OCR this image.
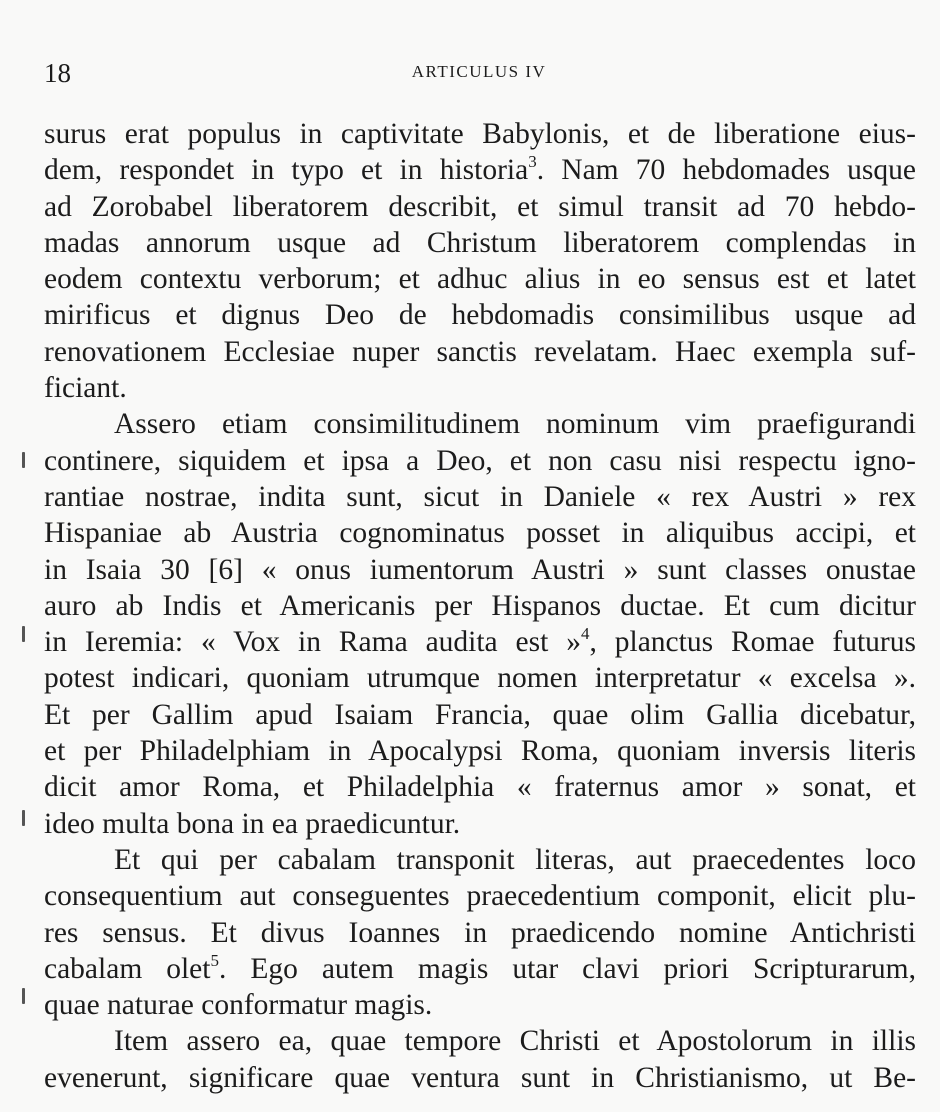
18	ARTICULUS IV
surus erat populus in captivitate Babylonis, et de liberatione eius-
dem, respondet in typo et in historia$^3$. Nam 70 hebdomades usque
ad Zorobabel liberatorem describit, et simul transit ad 70 hebdo-
madas annorum usque ad Christum liberatorem complendas in
eodem contextu verborum; et adhuc alius in eo sensus est et latet
mirificus et dignus Deo de hebdomadis consimilibus usque ad
renovationem Ecclesiae nuper sanctis revelatam. Haec exempla suf-
ficiant.
Assero etiam consimilitudinem nominum vim praefigurandi
continere, siquidem et ipsa a Deo, et non casu nisi respectu igno-
rantiae nostrae, indita sunt, sicut in Daniele « rex Austri » rex
Hispaniae ab Austria cognominatus posset in aliquibus accipi, et
in Isaia 30 [6] « onus iumentorum Austri » sunt classes onustae
auro ab Indis et Americanis per Hispanos ductae. Et cum dicitur
in Ieremia: « Vox in Rama audita est »$^4$, planctus Romae futurus
potest indicari, quoniam utrumque nomen interpretatur « excelsa ».
Et per Gallim apud Isaiam Francia, quae olim Gallia dicebatur,
et per Philadelphiam in Apocalypsi Roma, quoniam inversis literis
dicit amor Roma, et Philadelphia « fraternus amor » sonat, et
ideo multa bona in ea praedicuntur.
Et qui per cabalam transponit literas, aut praecedentes loco
consequentium aut conseguentes praecedentium componit, elicit plu-
res sensus. Et divus Ioannes in praedicendo nomine Antichristi
cabalam olet$^5$. Ego autem magis utar clavi priori Scripturarum,
quae naturae conformatur magis.
Item assero ea, quae tempore Christi et Apostolorum in illis
evenerunt, significare quae ventura sunt in Christianismo, ut Be-
